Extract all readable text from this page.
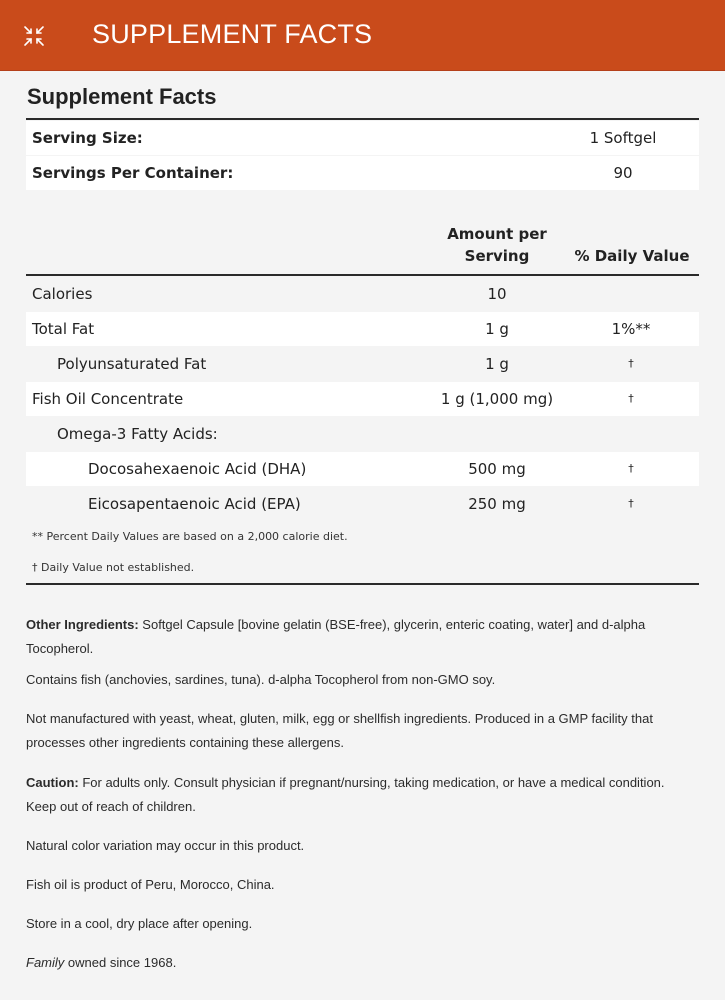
SUPPLEMENT FACTS
Supplement Facts
Serving Size:	1 Softgel
Servings Per Container:	90
Amount per
Serving	% Daily Value
Calories	10
Total Fat	1 g	1%**
Polyunsaturated Fat	1 g	†
Fish Oil Concentrate	1 g (1,000 mg)	†
Omega-3 Fatty Acids:
Docosahexaenoic Acid (DHA)	500 mg	†
Eicosapentaenoic Acid (EPA)	250 mg	†
** Percent Daily Values are based on a 2,000 calorie diet.
† Daily Value not established.
Other Ingredients: Softgel Capsule [bovine gelatin (BSE-free), glycerin, enteric coating, water] and d-alpha Tocopherol.
Contains fish (anchovies, sardines, tuna). d-alpha Tocopherol from non-GMO soy.
Not manufactured with yeast, wheat, gluten, milk, egg or shellfish ingredients. Produced in a GMP facility that processes other ingredients containing these allergens.
Caution: For adults only. Consult physician if pregnant/nursing, taking medication, or have a medical condition. Keep out of reach of children.
Natural color variation may occur in this product.
Fish oil is product of Peru, Morocco, China.
Store in a cool, dry place after opening.
Family owned since 1968.
